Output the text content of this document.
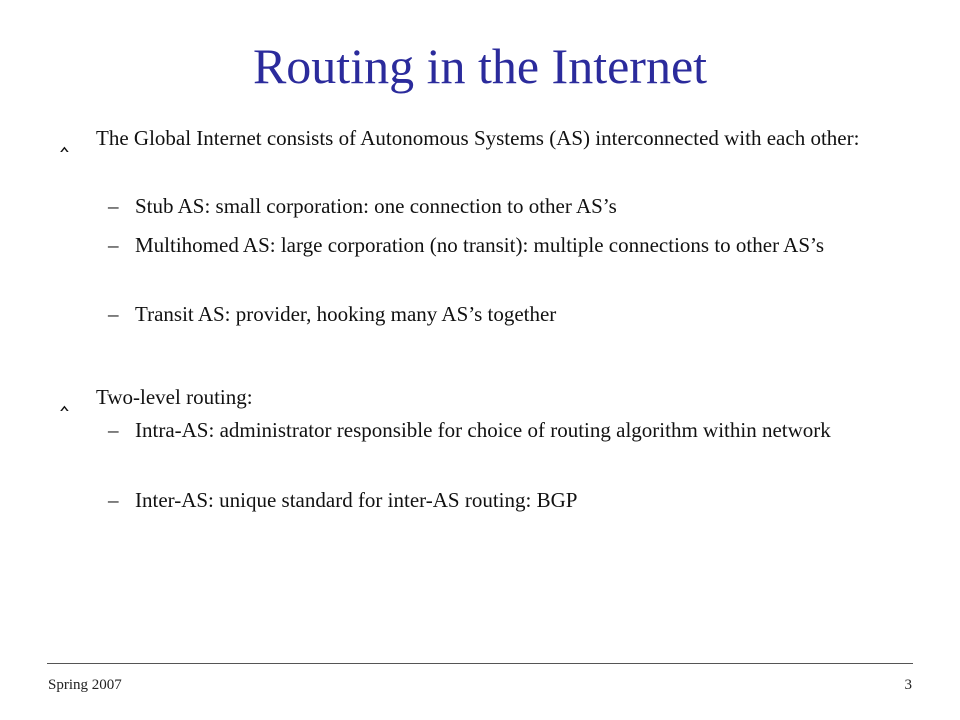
Routing in the Internet
‸ The Global Internet consists of Autonomous Systems (AS) interconnected with each other:
– Stub AS: small corporation: one connection to other AS’s
– Multihomed AS: large corporation (no transit): multiple connections to other AS’s
– Transit AS: provider, hooking many AS’s together
‸ Two-level routing:
– Intra-AS: administrator responsible for choice of routing algorithm within network
– Inter-AS: unique standard for inter-AS routing: BGP
Spring 2007	3
